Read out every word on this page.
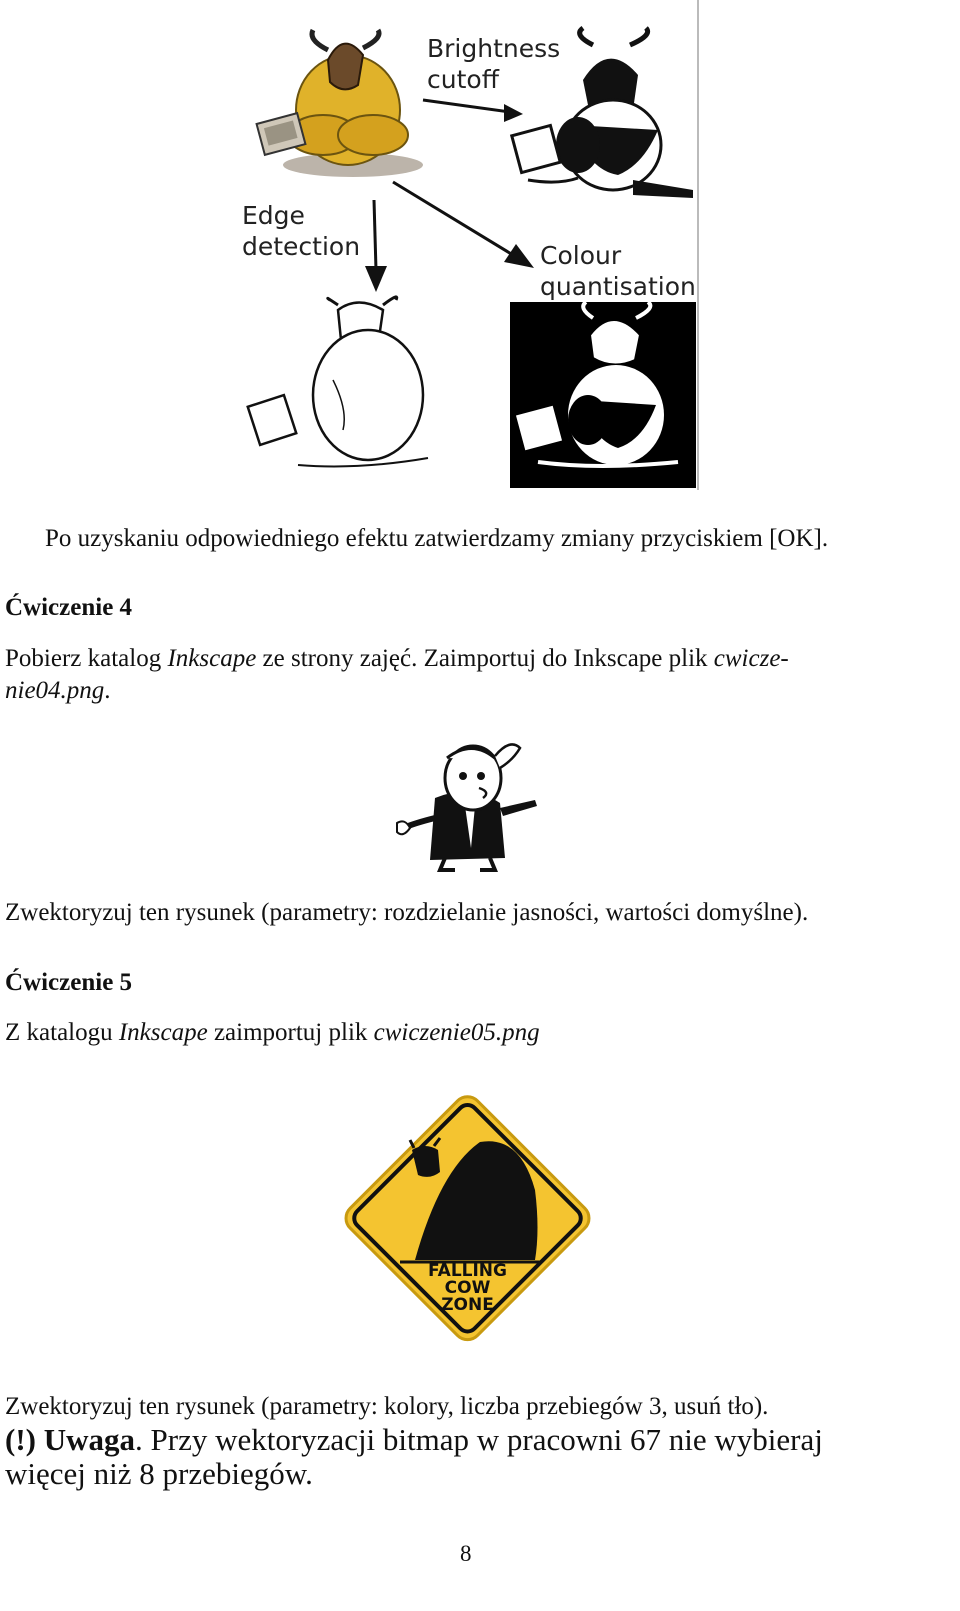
Brightness
cutoff
Edge
detection	Colour
quantisation
Po uzyskaniu odpowiedniego efektu zatwierdzamy zmiany przyciskiem [OK].
Ćwiczenie 4
Pobierz katalog Inkscape ze strony zajęć. Zaimportuj do Inkscape plik cwicze-
nie04.png.
Zwektoryzuj ten rysunek (parametry: rozdzielanie jasności, wartości domyślne).
Ćwiczenie 5
Z katalogu Inkscape zaimportuj plik cwiczenie05.png
FALLING
COW
ZONE
Zwektoryzuj ten rysunek (parametry: kolory, liczba przebiegów 3, usuń tło).
(!) Uwaga. Przy wektoryzacji bitmap w pracowni 67 nie wybieraj
więcej niż 8 przebiegów.
8
